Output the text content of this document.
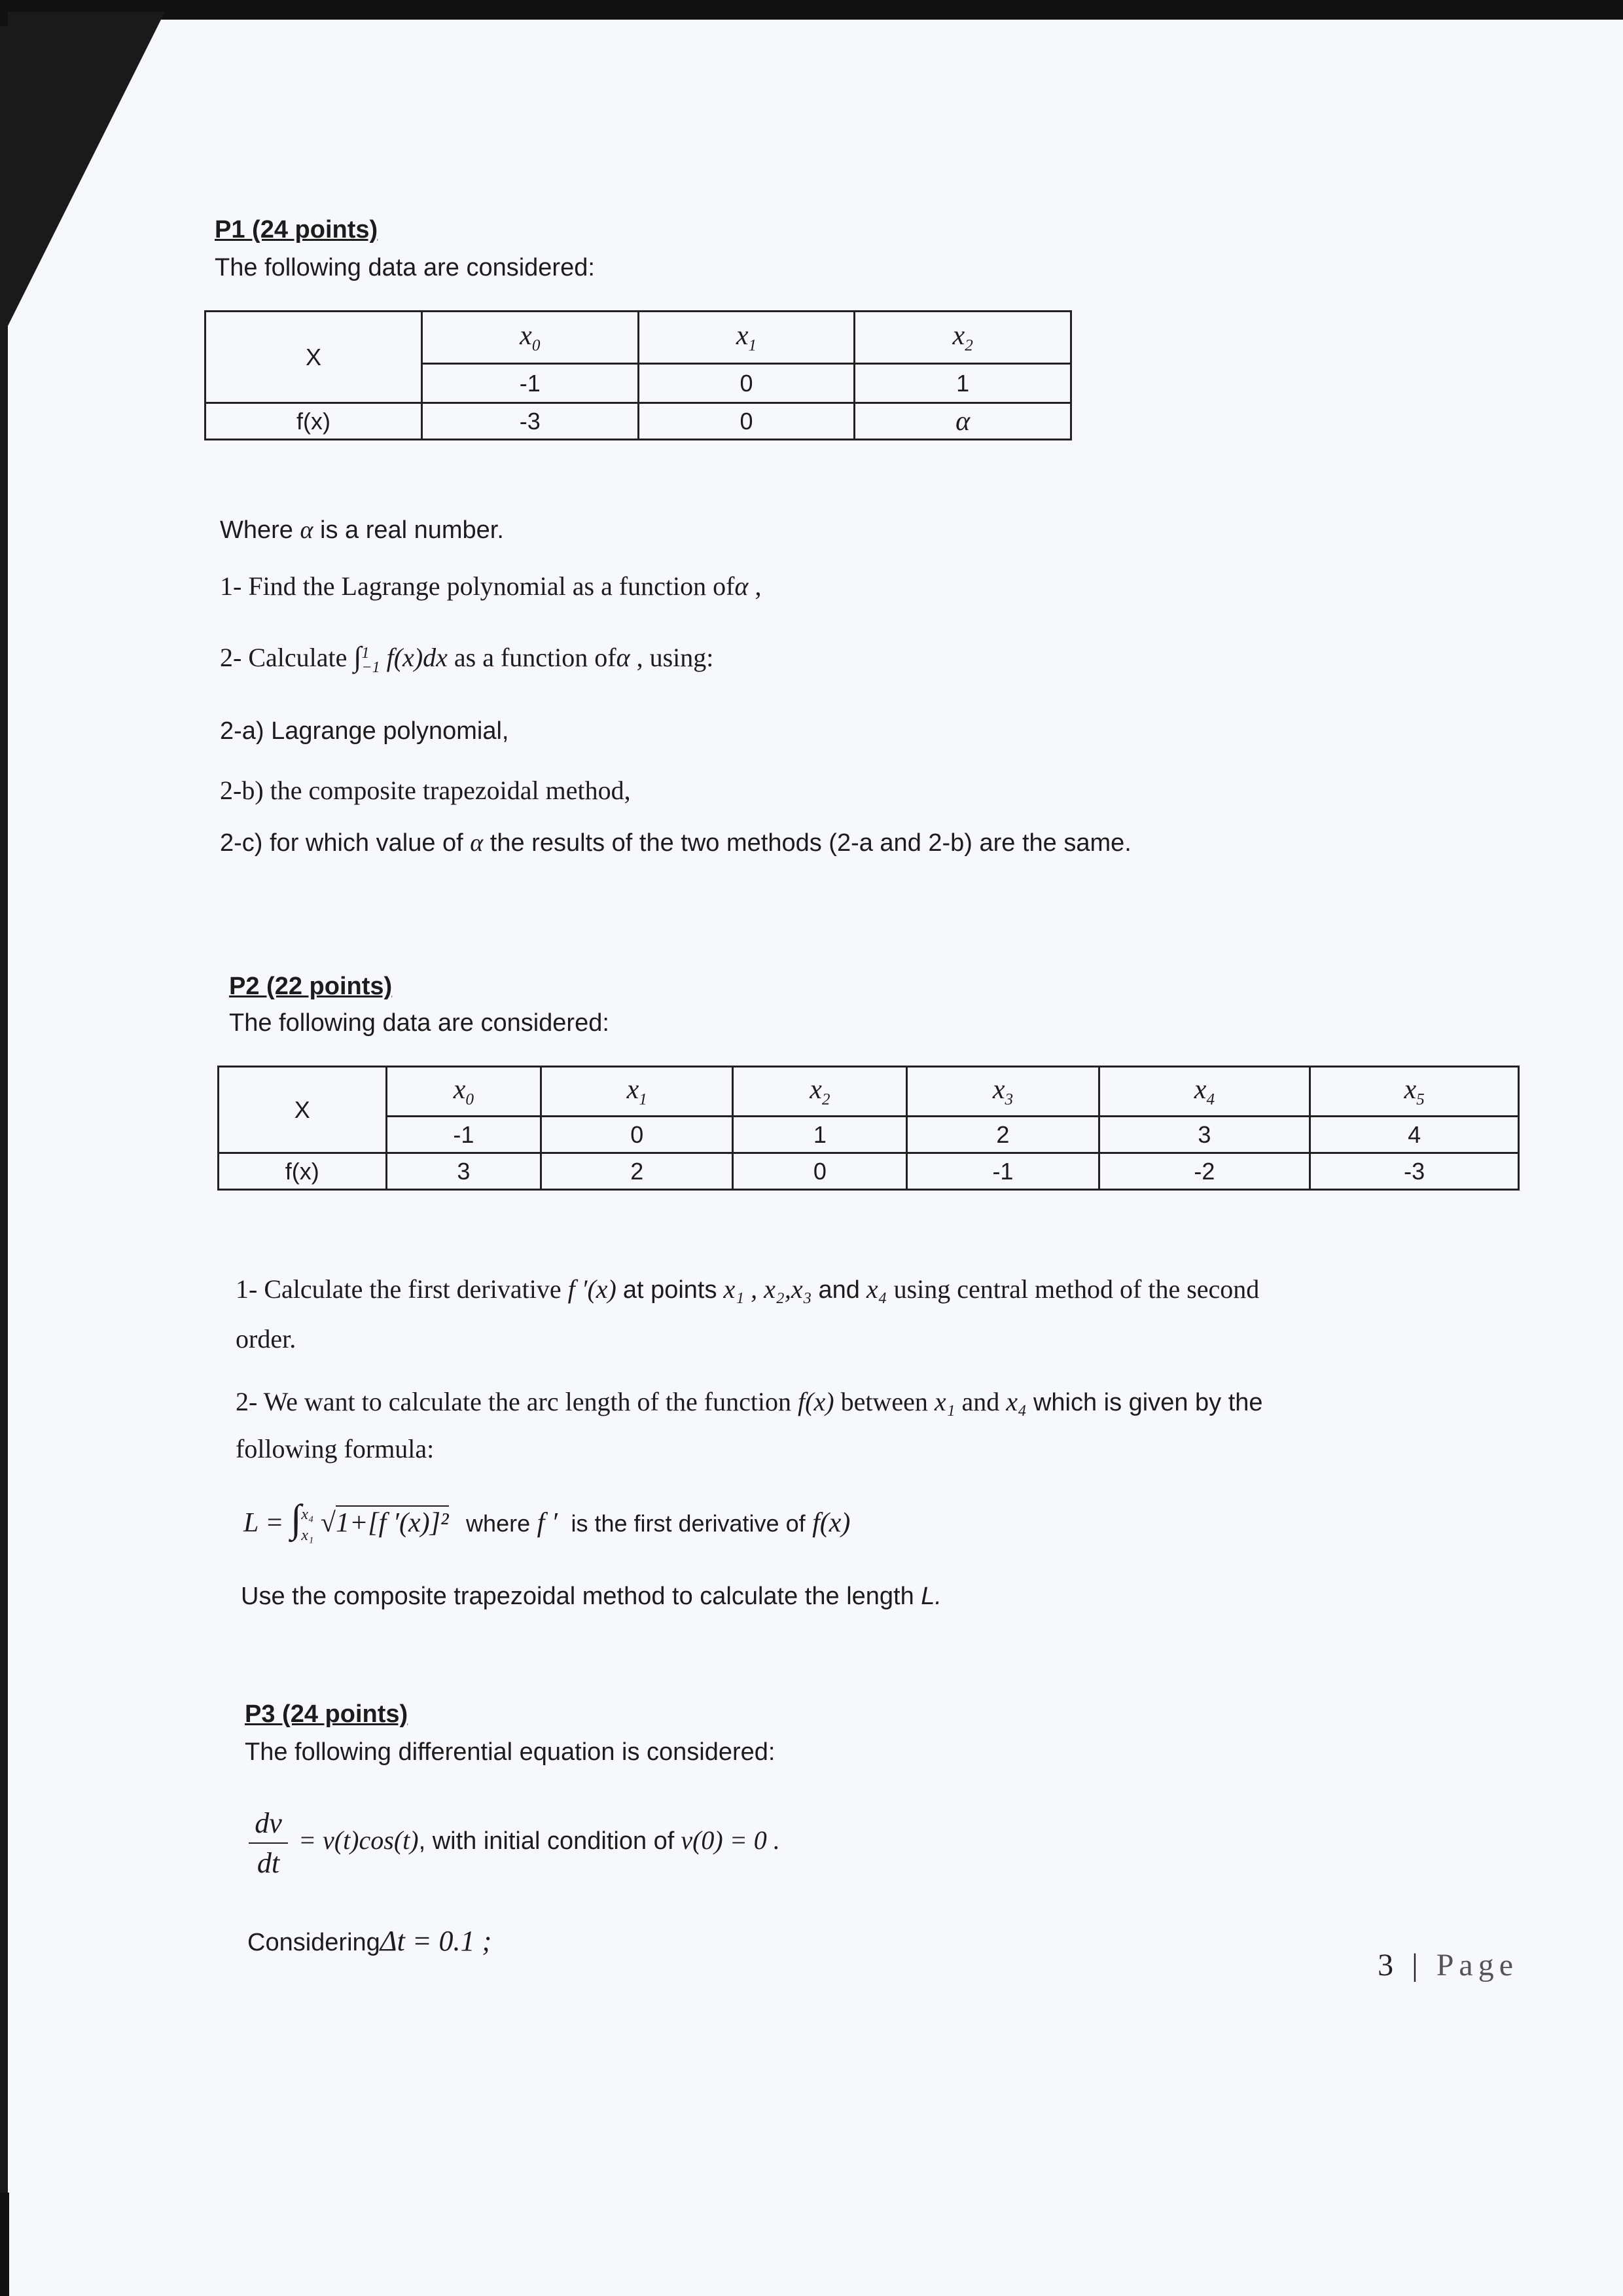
P1 (24 points)
The following data are considered:
X	$x_0$	$x_1$	$x_2$
	-1	0	1
f(x)	-3	0	α
Where α is a real number.
1- Find the Lagrange polynomial as a function ofα ,
2- Calculate ∫ 1
−1 f(x)dx as a function ofα , using:
2-a) Lagrange polynomial,
2-b) the composite trapezoidal method,
2-c) for which value of α the results of the two methods (2-a and 2-b) are the same.
P2 (22 points)
The following data are considered:
X	$x_0$	$x_1$	$x_2$	$x_3$	$x_4$	$x_5$
	-1	0	1	2	3	4
f(x)	3	2	0	-1	-2	-3
1- Calculate the first derivative f ′(x) at points x₁ , x₂,x₃ and x₄ using central method of the second
order.
2- We want to calculate the arc length of the function f(x) between x₁ and x₄ which is given by the
following formula:
L = ∫ x₄
x₁ √1+[f ′(x)]² where f ′ is the first derivative of f(x)
Use the composite trapezoidal method to calculate the length L.
P3 (24 points)
The following differential equation is considered:
$\frac{dv}{dt} = v(t)\cos(t)$, with initial condition of v(0) = 0 .
ConsideringΔt = 0.1 ;
3 | Page
